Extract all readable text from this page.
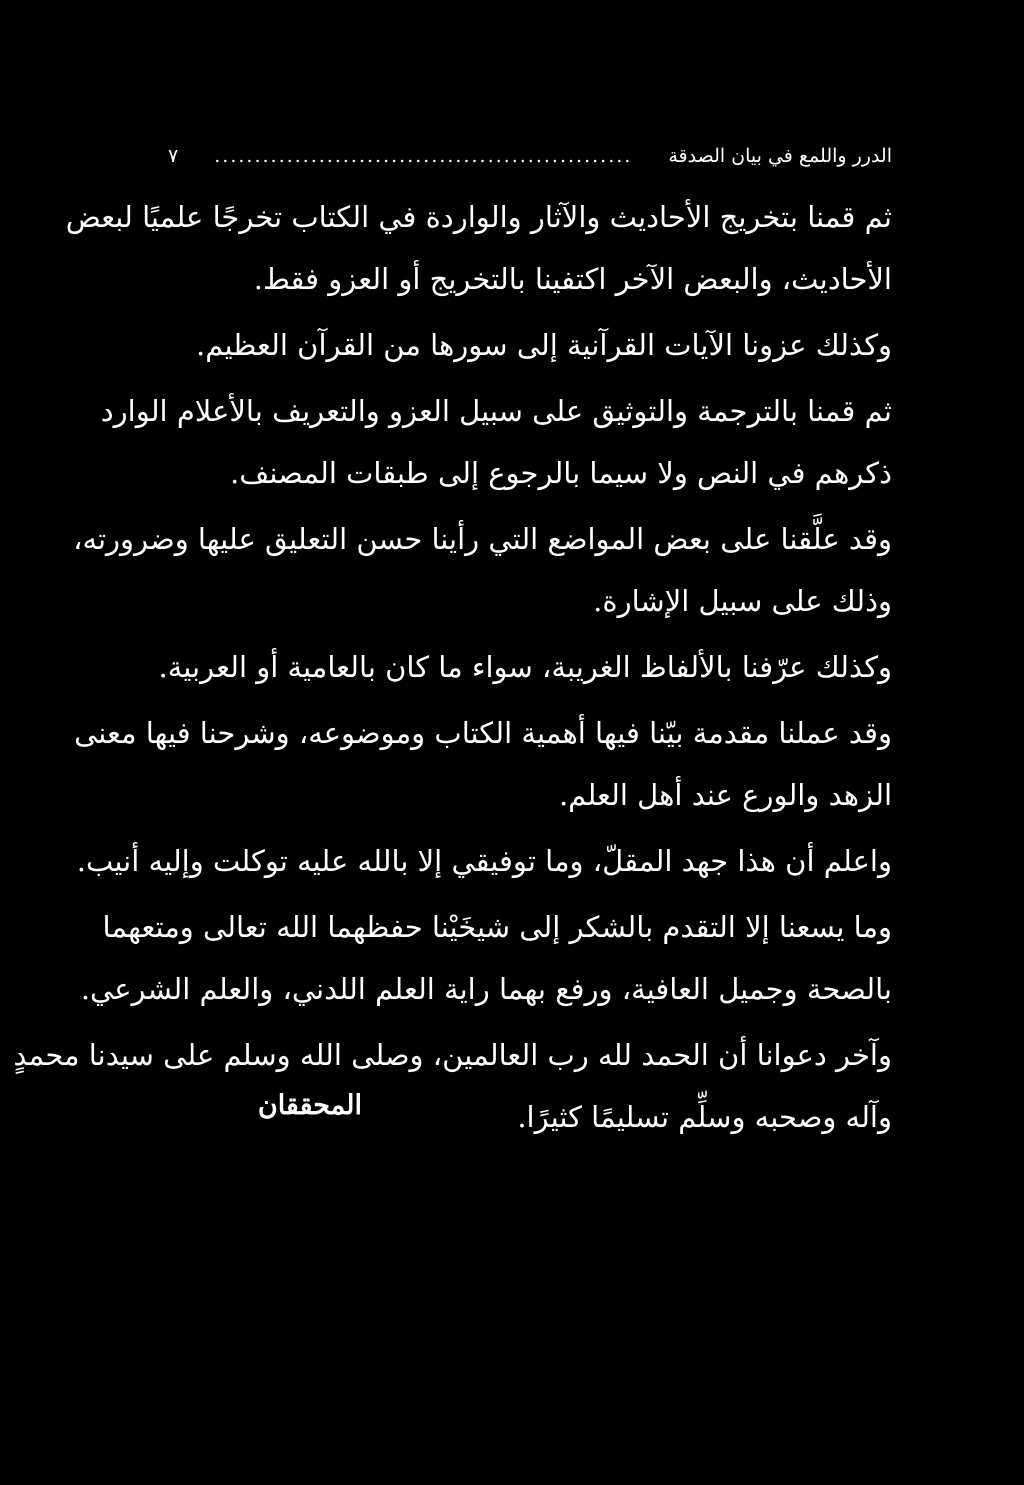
الدرر واللمع في بيان الصدقة
....................................................
٧
ثم قمنا بتخريج الأحاديث والآثار والواردة في الكتاب تخرجًا علميًا لبعض
الأحاديث، والبعض الآخر اكتفينا بالتخريج أو العزو فقط.
وكذلك عزونا الآيات القرآنية إلى سورها من القرآن العظيم.
ثم قمنا بالترجمة والتوثيق على سبيل العزو والتعريف بالأعلام الوارد
ذكرهم في النص ولا سيما بالرجوع إلى طبقات المصنف.
وقد علَّقنا على بعض المواضع التي رأينا حسن التعليق عليها وضرورته،
وذلك على سبيل الإشارة.
وكذلك عرّفنا بالألفاظ الغريبة، سواء ما كان بالعامية أو العربية.
وقد عملنا مقدمة بيّنا فيها أهمية الكتاب وموضوعه، وشرحنا فيها معنى
الزهد والورع عند أهل العلم.
واعلم أن هذا جهد المقلّ، وما توفيقي إلا بالله عليه توكلت وإليه أنيب.
وما يسعنا إلا التقدم بالشكر إلى شيخَيْنا حفظهما الله تعالى ومتعهما
بالصحة وجميل العافية، ورفع بهما راية العلم اللدني، والعلم الشرعي.
وآخر دعوانا أن الحمد لله رب العالمين، وصلى الله وسلم على سيدنا محمدٍ
وآله وصحبه وسلِّم تسليمًا كثيرًا.
المحققان
